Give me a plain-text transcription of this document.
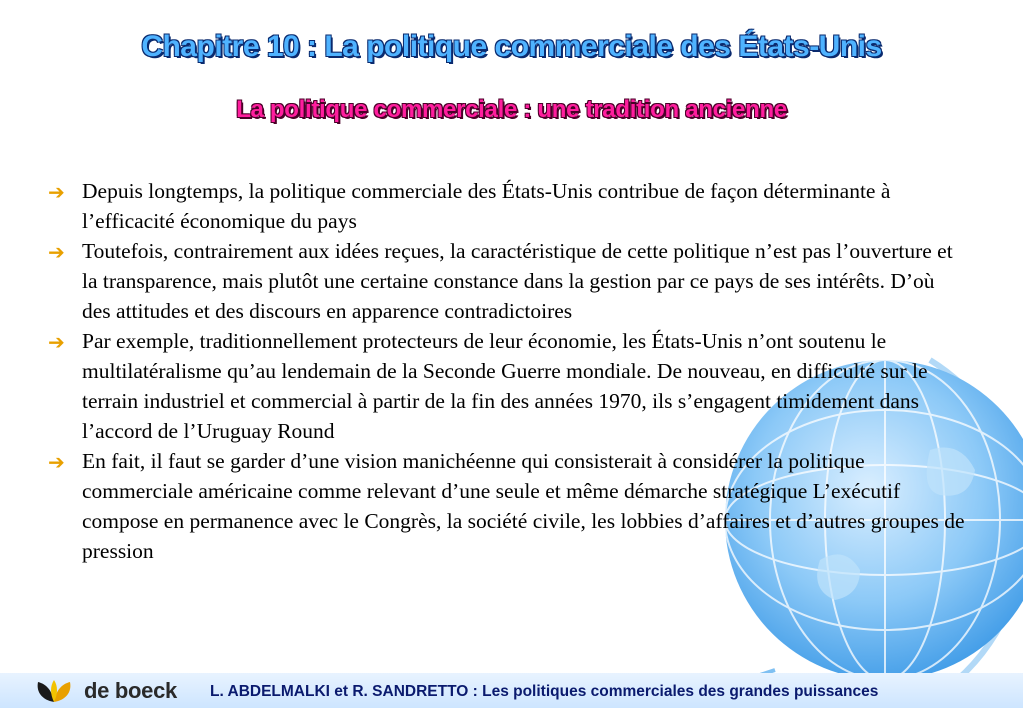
Chapitre 10 : La politique commerciale des États-Unis
La politique commerciale : une tradition ancienne
➔ Depuis longtemps, la politique commerciale des États-Unis contribue de façon déterminante à l’efficacité économique du pays
➔ Toutefois, contrairement aux idées reçues, la caractéristique de cette politique n’est pas l’ouverture et la transparence, mais plutôt une certaine constance dans la gestion par ce pays de ses intérêts. D’où des attitudes et des discours en apparence contradictoires
➔ Par exemple, traditionnellement protecteurs de leur économie, les États-Unis n’ont soutenu le multilatéralisme qu’au lendemain de la Seconde Guerre mondiale. De nouveau, en difficulté sur le terrain industriel et commercial à partir de la fin des années 1970, ils s’engagent timidement dans l’accord de l’Uruguay Round
➔ En fait, il faut se garder d’une vision manichéenne qui consisterait à considérer la politique commerciale américaine comme relevant d’une seule et même démarche stratégique L’exécutif compose en permanence avec le Congrès, la société civile, les lobbies d’affaires et d’autres groupes de pression
de boeck L. ABDELMALKI et R. SANDRETTO : Les politiques commerciales des grandes puissances
